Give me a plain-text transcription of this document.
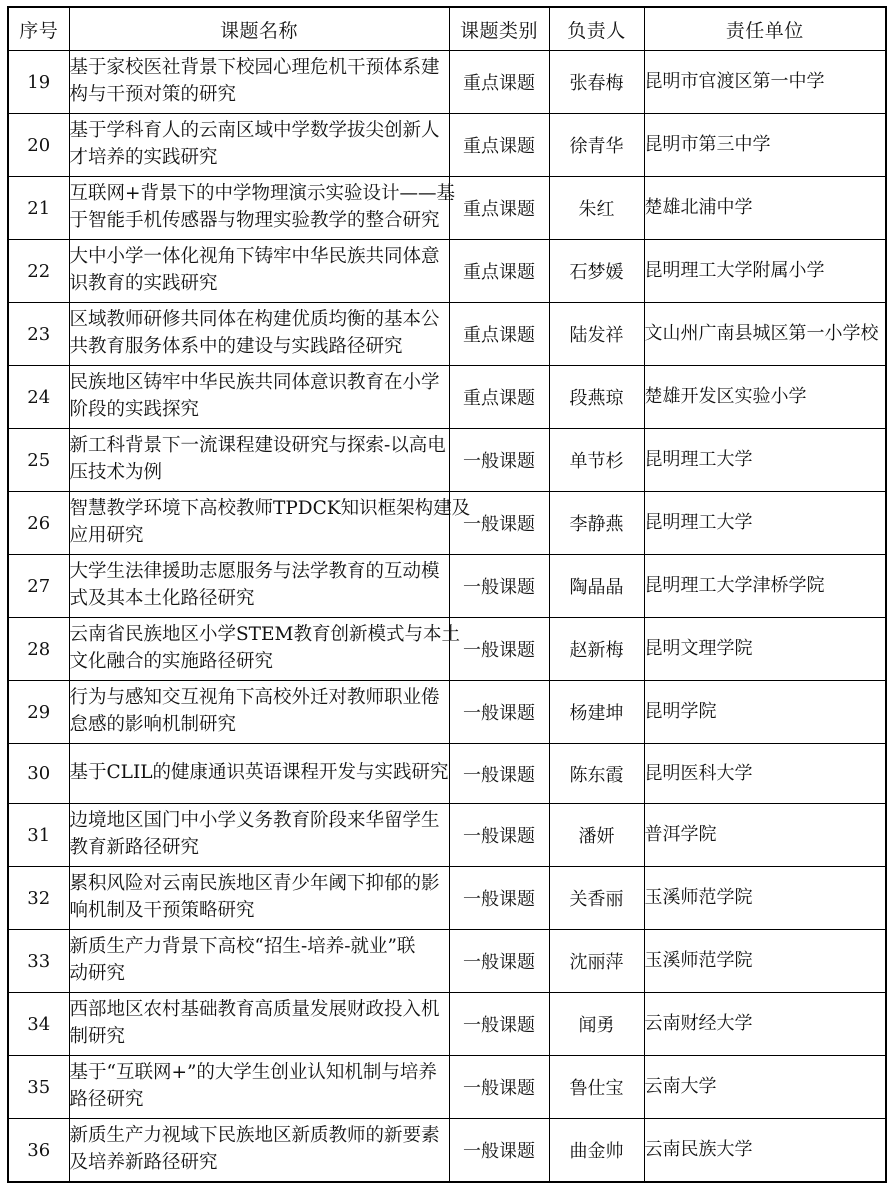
序号	课题名称	课题类别	负责人	责任单位
19	基于家校医社背景下校园心理危机干预体系建
构与干预对策的研究	重点课题	张春梅	昆明市官渡区第一中学
20	基于学科育人的云南区域中学数学拔尖创新人
才培养的实践研究	重点课题	徐青华	昆明市第三中学
21	互联网+背景下的中学物理演示实验设计——基
于智能手机传感器与物理实验教学的整合研究	重点课题	朱红	楚雄北浦中学
22	大中小学一体化视角下铸牢中华民族共同体意
识教育的实践研究	重点课题	石梦媛	昆明理工大学附属小学
23	区域教师研修共同体在构建优质均衡的基本公
共教育服务体系中的建设与实践路径研究	重点课题	陆发祥	文山州广南县城区第一小学校
24	民族地区铸牢中华民族共同体意识教育在小学
阶段的实践探究	重点课题	段燕琼	楚雄开发区实验小学
25	新工科背景下一流课程建设研究与探索-以高电
压技术为例	一般课题	单节杉	昆明理工大学
26	智慧教学环境下高校教师TPDCK知识框架构建及
应用研究	一般课题	李静燕	昆明理工大学
27	大学生法律援助志愿服务与法学教育的互动模
式及其本土化路径研究	一般课题	陶晶晶	昆明理工大学津桥学院
28	云南省民族地区小学STEM教育创新模式与本土
文化融合的实施路径研究	一般课题	赵新梅	昆明文理学院
29	行为与感知交互视角下高校外迁对教师职业倦
怠感的影响机制研究	一般课题	杨建坤	昆明学院
30	基于CLIL的健康通识英语课程开发与实践研究	一般课题	陈东霞	昆明医科大学
31	边境地区国门中小学义务教育阶段来华留学生
教育新路径研究	一般课题	潘妍	普洱学院
32	累积风险对云南民族地区青少年阈下抑郁的影
响机制及干预策略研究	一般课题	关香丽	玉溪师范学院
33	新质生产力背景下高校“招生-培养-就业”联
动研究	一般课题	沈丽萍	玉溪师范学院
34	西部地区农村基础教育高质量发展财政投入机
制研究	一般课题	闻勇	云南财经大学
35	基于“互联网+”的大学生创业认知机制与培养
路径研究	一般课题	鲁仕宝	云南大学
36	新质生产力视域下民族地区新质教师的新要素
及培养新路径研究	一般课题	曲金帅	云南民族大学
